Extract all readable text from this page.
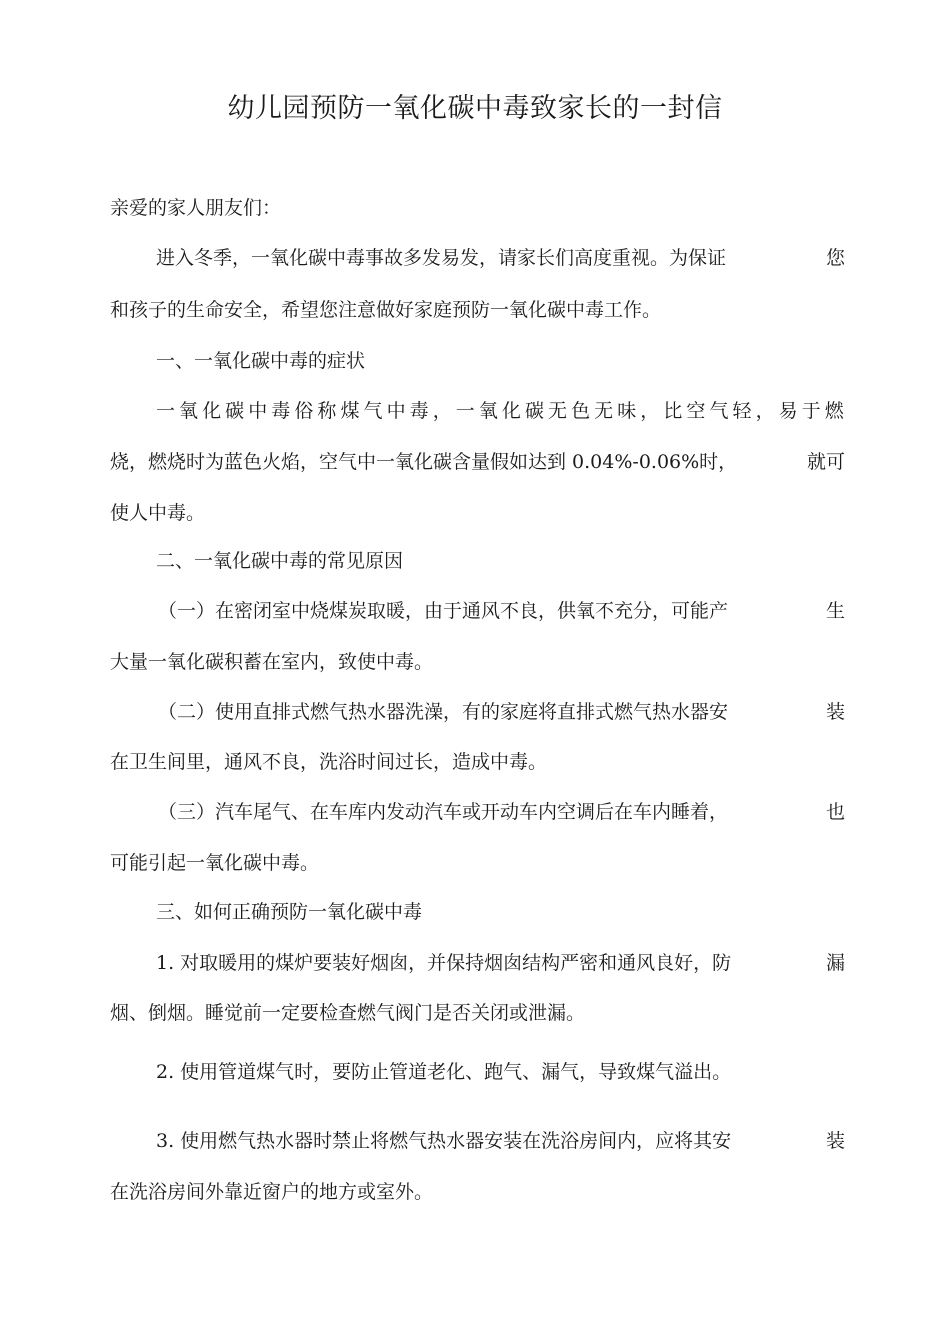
幼儿园预防一氧化碳中毒致家长的一封信
亲爱的家人朋友们：
进入冬季，一氧化碳中毒事故多发易发，请家长们高度重视。为保证	您
和孩子的生命安全，希望您注意做好家庭预防一氧化碳中毒工作。
一、一氧化碳中毒的症状
一氧化碳中毒俗称煤气中毒，一氧化碳无色无味，比空气轻，易于燃
烧，燃烧时为蓝色火焰，空气中一氧化碳含量假如达到 0.04%-0.06%时，	就可
使人中毒。
二、一氧化碳中毒的常见原因
（一）在密闭室中烧煤炭取暖，由于通风不良，供氧不充分，可能产	生
大量一氧化碳积蓄在室内，致使中毒。
（二）使用直排式燃气热水器洗澡，有的家庭将直排式燃气热水器安	装
在卫生间里，通风不良，洗浴时间过长，造成中毒。
（三）汽车尾气、在车库内发动汽车或开动车内空调后在车内睡着，	也
可能引起一氧化碳中毒。
三、如何正确预防一氧化碳中毒
1. 对取暖用的煤炉要装好烟囱，并保持烟囱结构严密和通风良好，防	漏
烟、倒烟。睡觉前一定要检查燃气阀门是否关闭或泄漏。
2. 使用管道煤气时，要防止管道老化、跑气、漏气，导致煤气溢出。
3. 使用燃气热水器时禁止将燃气热水器安装在洗浴房间内，应将其安	装
在洗浴房间外靠近窗户的地方或室外。
